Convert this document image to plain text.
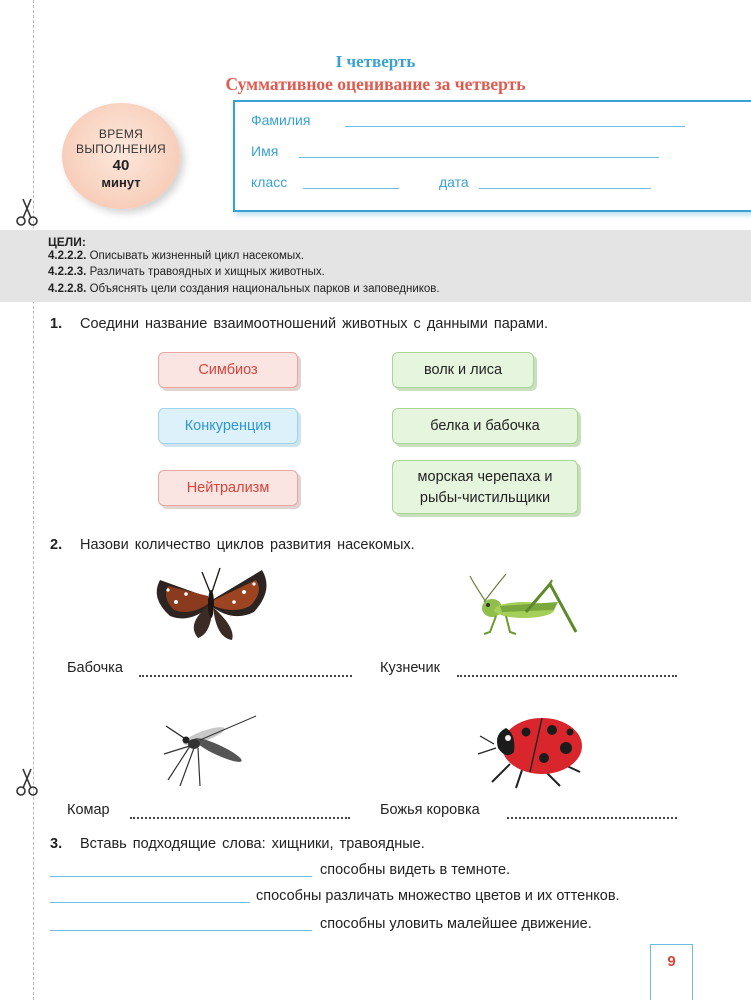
I четверть
Суммативное оценивание за четверть
ВРЕМЯ
ВЫПОЛНЕНИЯ
40
минут
Фамилия
Имя
класс	дата
ЦЕЛИ:
4.2.2.2. Описывать жизненный цикл насекомых.
4.2.2.3. Различать травоядных и хищных животных.
4.2.2.8. Объяснять цели создания национальных парков и заповедников.
1. Соедини название взаимоотношений животных с данными парами.
Симбиоз
Конкуренция
Нейтрализм
волк и лиса
белка и бабочка
морская черепаха и
рыбы-чистильщики
2. Назови количество циклов развития насекомых.
Бабочка	Кузнечик
Комар	Божья коровка
3. Вставь подходящие слова: хищники, травоядные.
способны видеть в темноте.
способны различать множество цветов и их оттенков.
способны уловить малейшее движение.
9
